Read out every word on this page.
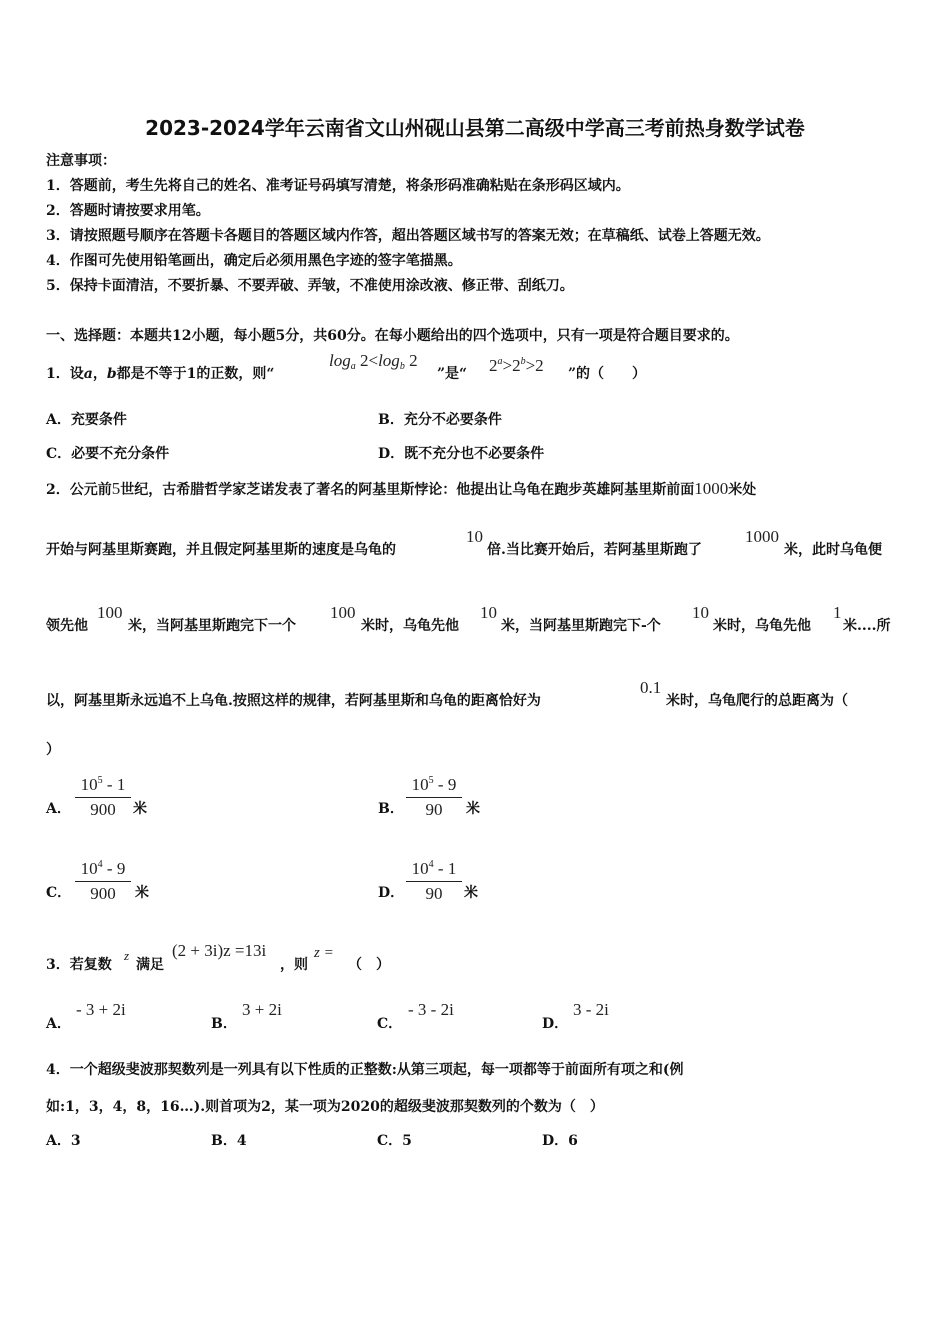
2023-2024学年云南省文山州砚山县第二高级中学高三考前热身数学试卷
注意事项：
1．答题前，考生先将自己的姓名、准考证号码填写清楚，将条形码准确粘贴在条形码区域内。
2．答题时请按要求用笔。
3．请按照题号顺序在答题卡各题目的答题区域内作答，超出答题区域书写的答案无效；在草稿纸、试卷上答题无效。
4．作图可先使用铅笔画出，确定后必须用黑色字迹的签字笔描黑。
5．保持卡面清洁，不要折暴、不要弄破、弄皱，不准使用涂改液、修正带、刮纸刀。
一、选择题：本题共12小题，每小题5分，共60分。在每小题给出的四个选项中，只有一项是符合题目要求的。
1．设a，b都是不等于1的正数，则“
$\log_a 2<\log_b$ 2
”是“ $2^a>2^b>2$ ”的（　　）
A．充要条件	B．充分不必要条件
C．必要不充分条件	D．既不充分也不必要条件
2．公元前5世纪，古希腊哲学家芝诺发表了著名的阿基里斯悖论：他提出让乌龟在跑步英雄阿基里斯前面1000米处
开始与阿基里斯赛跑，并且假定阿基里斯的速度是乌龟的
10
倍.当比赛开始后，若阿基里斯跑了
1000
米，此时乌龟便
领先他
100
米，当阿基里斯跑完下一个
100
米时，乌龟先他
10
米，当阿基里斯跑完下-个
10
米时，乌龟先他
1
米....所
以，阿基里斯永远追不上乌龟.按照这样的规律，若阿基里斯和乌龟的距离恰好为
0.1
米时，乌龟爬行的总距离为（
）
A． $\frac{10^5 - 1}{900}$ 米	B． $\frac{10^5 - 9}{90}$ 米
C． $\frac{10^4 - 9}{900}$ 米	D． $\frac{10^4 - 1}{90}$ 米
3．若复数
z
满足
(2 + 3i)z =13i
，则
z =
（　）
A．
- 3 + 2i
B．
3 + 2i
C．
- 3 - 2i
D．
3 - 2i
4．一个超级斐波那契数列是一列具有以下性质的正整数:从第三项起，每一项都等于前面所有项之和(例
如:1，3，4，8，16…).则首项为2，某一项为2020的超级斐波那契数列的个数为（　）
A．3	B．4	C．5	D．6
